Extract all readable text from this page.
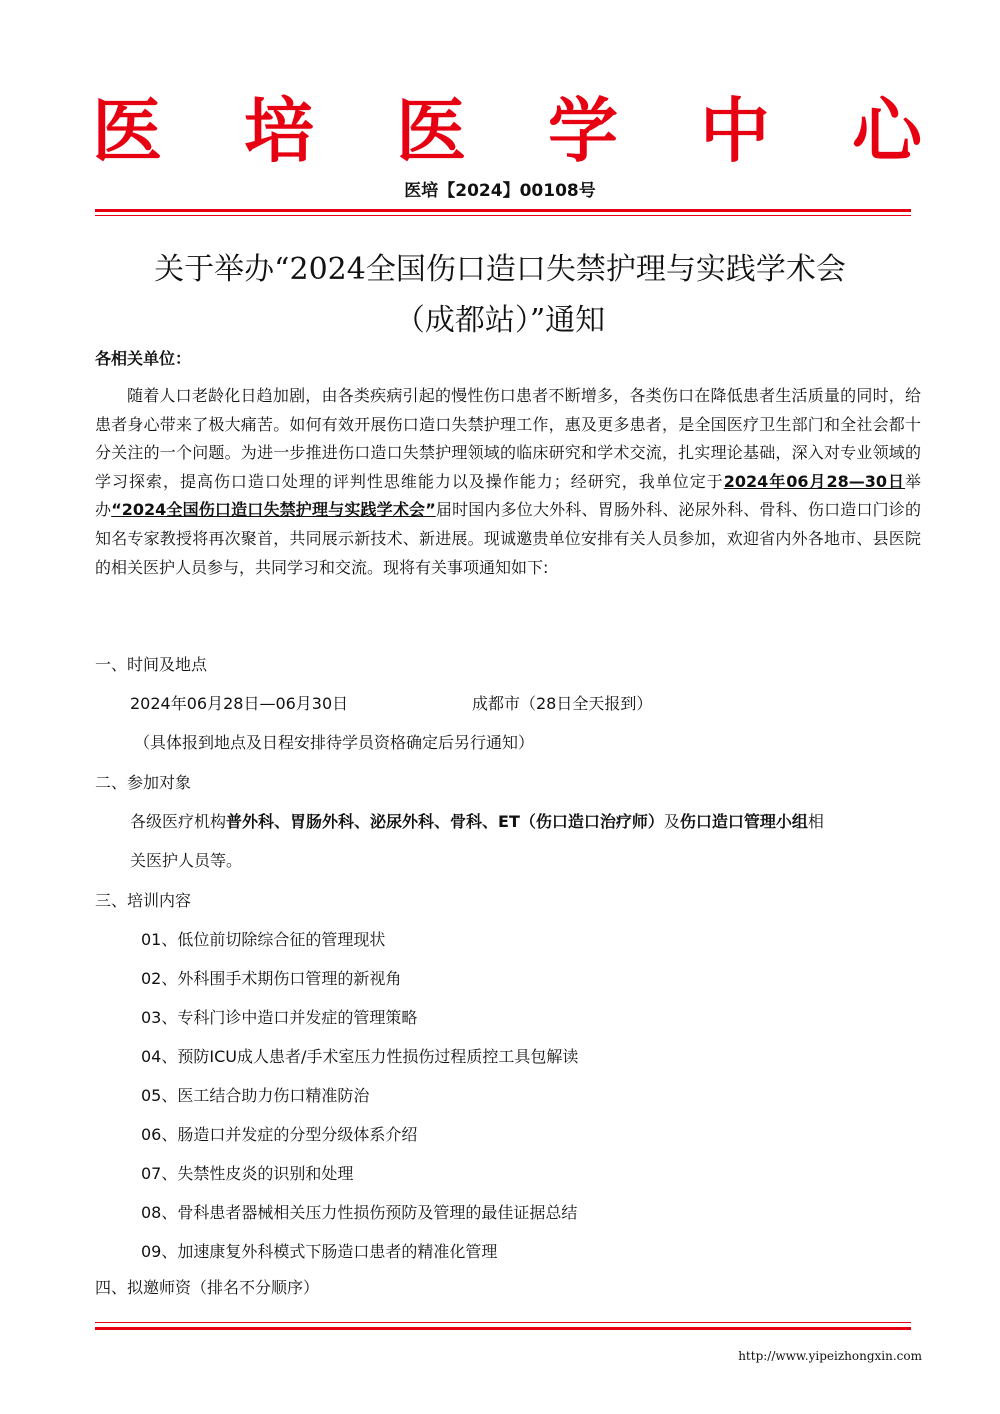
医 培 医 学 中 心
医培【2024】00108号
关于举办“2024全国伤口造口失禁护理与实践学术会
（成都站）”通知
各相关单位：
随着人口老龄化日趋加剧，由各类疾病引起的慢性伤口患者不断增多，各类伤口在降低患者生活质量的同时，给患者身心带来了极大痛苦。如何有效开展伤口造口失禁护理工作，惠及更多患者，是全国医疗卫生部门和全社会都十分关注的一个问题。为进一步推进伤口造口失禁护理领域的临床研究和学术交流，扎实理论基础，深入对专业领域的学习探索，提高伤口造口处理的评判性思维能力以及操作能力；经研究，我单位定于2024年06月28—30日举办“2024全国伤口造口失禁护理与实践学术会”届时国内多位大外科、胃肠外科、泌尿外科、骨科、伤口造口门诊的知名专家教授将再次聚首，共同展示新技术、新进展。现诚邀贵单位安排有关人员参加，欢迎省内外各地市、县医院的相关医护人员参与，共同学习和交流。现将有关事项通知如下:
一、时间及地点
2024年06月28日—06月30日	成都市（28日全天报到）
（具体报到地点及日程安排待学员资格确定后另行通知）
二、参加对象
各级医疗机构普外科、胃肠外科、泌尿外科、骨科、ET（伤口造口治疗师）及伤口造口管理小组相
关医护人员等。
三、培训内容
01、低位前切除综合征的管理现状
02、外科围手术期伤口管理的新视角
03、专科门诊中造口并发症的管理策略
04、预防ICU成人患者/手术室压力性损伤过程质控工具包解读
05、医工结合助力伤口精准防治
06、肠造口并发症的分型分级体系介绍
07、失禁性皮炎的识别和处理
08、骨科患者器械相关压力性损伤预防及管理的最佳证据总结
09、加速康复外科模式下肠造口患者的精准化管理
四、拟邀师资（排名不分顺序）
http://www.yipeizhongxin.com
